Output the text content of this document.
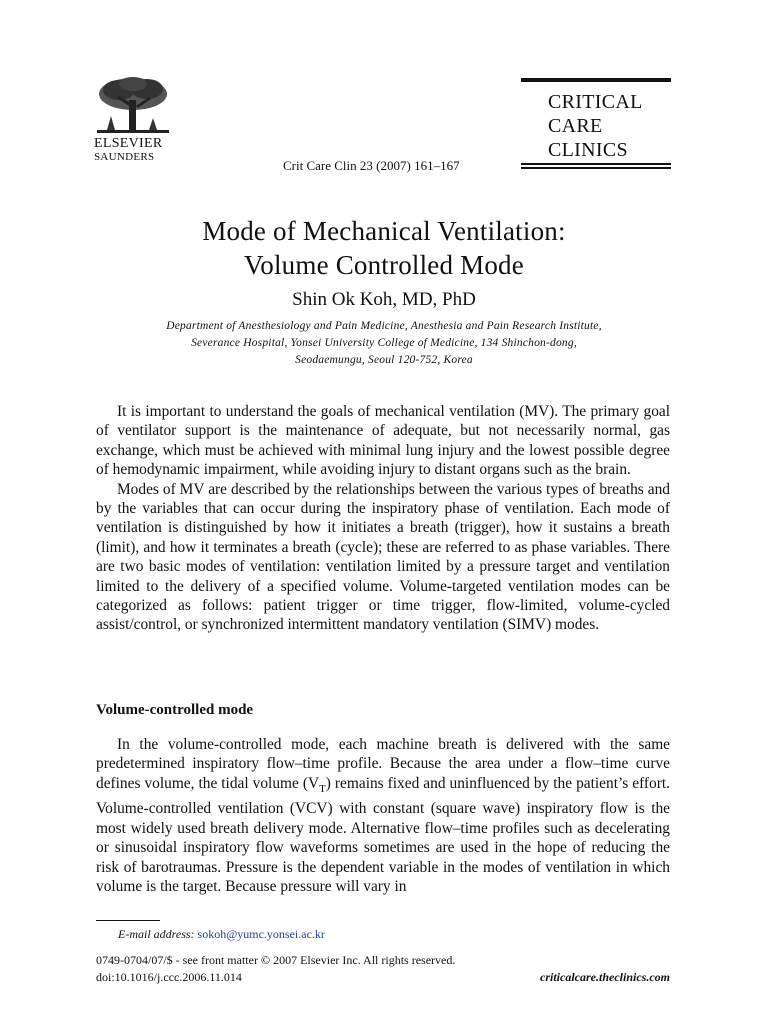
ELSEVIER
SAUNDERS
Crit Care Clin 23 (2007) 161–167
CRITICAL
CARE
CLINICS
Mode of Mechanical Ventilation:
Volume Controlled Mode
Shin Ok Koh, MD, PhD
Department of Anesthesiology and Pain Medicine, Anesthesia and Pain Research Institute,
Severance Hospital, Yonsei University College of Medicine, 134 Shinchon-dong,
Seodaemungu, Seoul 120-752, Korea

It is important to understand the goals of mechanical ventilation (MV). The primary goal of ventilator support is the maintenance of adequate, but not necessarily normal, gas exchange, which must be achieved with minimal lung injury and the lowest possible degree of hemodynamic impairment, while avoiding injury to distant organs such as the brain.

Modes of MV are described by the relationships between the various types of breaths and by the variables that can occur during the inspiratory phase of ventilation. Each mode of ventilation is distinguished by how it initiates a breath (trigger), how it sustains a breath (limit), and how it terminates a breath (cycle); these are referred to as phase variables. There are two basic modes of ventilation: ventilation limited by a pressure target and ventilation limited to the delivery of a specified volume. Volume-targeted ventilation modes can be categorized as follows: patient trigger or time trigger, flow-limited, volume-cycled assist/control, or synchronized intermittent mandatory ventilation (SIMV) modes.

Volume-controlled mode

In the volume-controlled mode, each machine breath is delivered with the same predetermined inspiratory flow–time profile. Because the area under a flow–time curve defines volume, the tidal volume $(V_T)$ remains fixed and uninfluenced by the patient’s effort. Volume-controlled ventilation (VCV) with constant (square wave) inspiratory flow is the most widely used breath delivery mode. Alternative flow–time profiles such as decelerating or sinusoidal inspiratory flow waveforms sometimes are used in the hope of reducing the risk of barotraumas. Pressure is the dependent variable in the modes of ventilation in which volume is the target. Because pressure will vary in

E-mail address: sokoh@yumc.yonsei.ac.kr
0749-0704/07/$ - see front matter © 2007 Elsevier Inc. All rights reserved.
doi:10.1016/j.ccc.2006.11.014	criticalcare.theclinics.com
